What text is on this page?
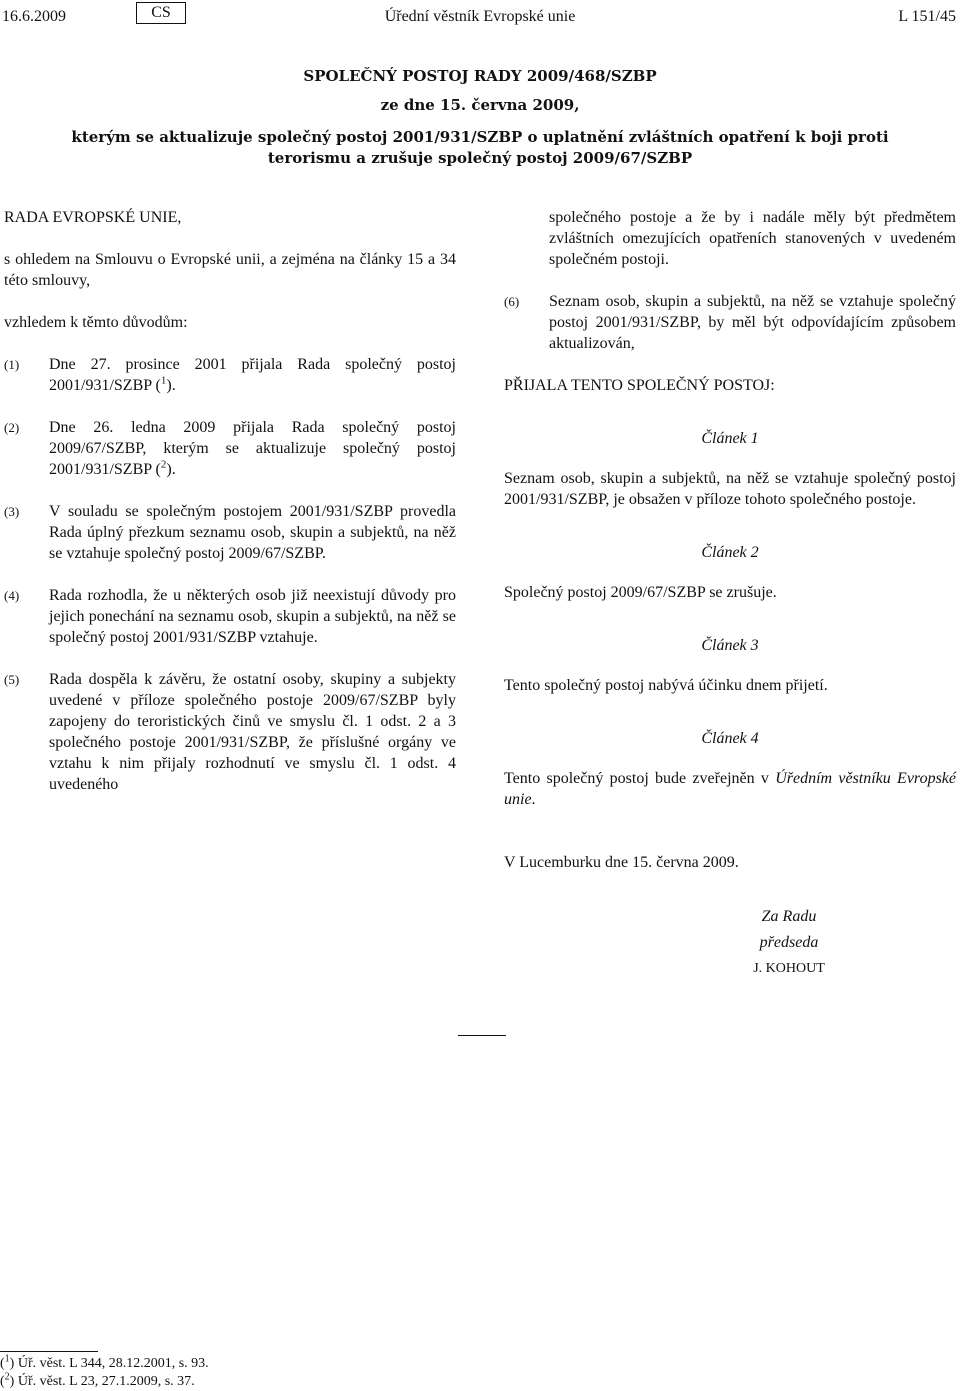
16.6.2009	CS	Úřední věstník Evropské unie	L 151/45
SPOLEČNÝ POSTOJ RADY 2009/468/SZBP
ze dne 15. června 2009,
kterým se aktualizuje společný postoj 2001/931/SZBP o uplatnění zvláštních opatření k boji proti
terorismu a zrušuje společný postoj 2009/67/SZBP

RADA EVROPSKÉ UNIE,

s ohledem na Smlouvu o Evropské unii, a zejména na články 15 a 34 této smlouvy,

vzhledem k těmto důvodům:

(1)	Dne 27. prosince 2001 přijala Rada společný postoj 2001/931/SZBP ($^1$).
(2)	Dne 26. ledna 2009 přijala Rada společný postoj 2009/67/SZBP, kterým se aktualizuje společný postoj 2001/931/SZBP ($^2$).
(3)	V souladu se společným postojem 2001/931/SZBP provedla Rada úplný přezkum seznamu osob, skupin a subjektů, na něž se vztahuje společný postoj 2009/67/SZBP.
(4)	Rada rozhodla, že u některých osob již neexistují důvody pro jejich ponechání na seznamu osob, skupin a subjektů, na něž se společný postoj 2001/931/SZBP vztahuje.
(5)	Rada dospěla k závěru, že ostatní osoby, skupiny a subjekty uvedené v příloze společného postoje 2009/67/SZBP byly zapojeny do teroristických činů ve smyslu čl. 1 odst. 2 a 3 společného postoje 2001/931/SZBP, že příslušné orgány ve vztahu k nim přijaly rozhodnutí ve smyslu čl. 1 odst. 4 uvedeného

společného postoje a že by i nadále měly být předmětem zvláštních omezujících opatřeních stanovených v uvedeném společném postoji.

(6)	Seznam osob, skupin a subjektů, na něž se vztahuje společný postoj 2001/931/SZBP, by měl být odpovídajícím způsobem aktualizován,

PŘIJALA TENTO SPOLEČNÝ POSTOJ:

Článek 1

Seznam osob, skupin a subjektů, na něž se vztahuje společný postoj 2001/931/SZBP, je obsažen v příloze tohoto společného postoje.

Článek 2

Společný postoj 2009/67/SZBP se zrušuje.

Článek 3

Tento společný postoj nabývá účinku dnem přijetí.

Článek 4

Tento společný postoj bude zveřejněn v Úředním věstníku Evropské unie.

V Lucemburku dne 15. června 2009.

Za Radu
předseda
J. KOHOUT
($^1$) Úř. věst. L 344, 28.12.2001, s. 93.
($^2$) Úř. věst. L 23, 27.1.2009, s. 37.
